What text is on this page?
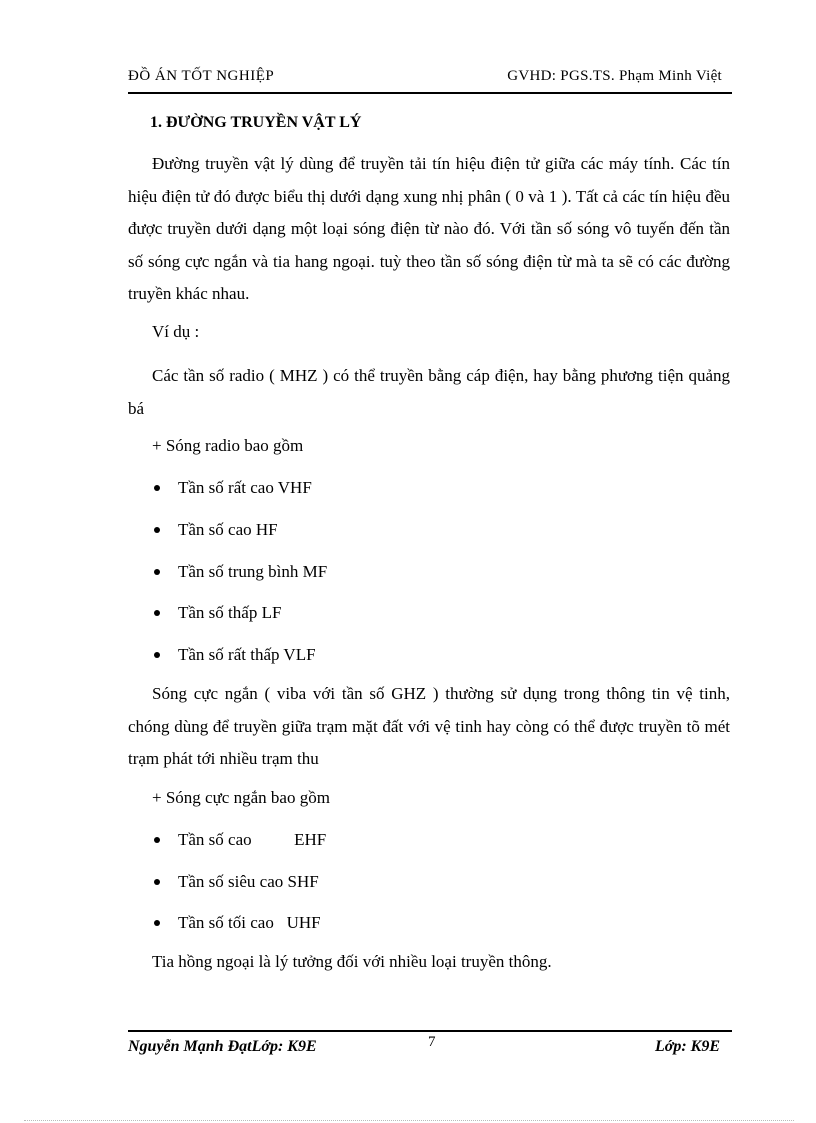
ĐỒ ÁN TỐT NGHIỆP	GVHD: PGS.TS. Phạm Minh Việt
1. ĐƯỜNG TRUYỀN VẬT LÝ
Đường truyền vật lý dùng để truyền tải tín hiệu điện tử giữa các máy tính. Các tín hiệu điện tử đó được biểu thị dưới dạng xung nhị phân ( 0 và 1 ). Tất cả các tín hiệu đều được truyền dưới dạng một loại sóng điện từ nào đó. Với tần số sóng vô tuyến đến tần số sóng cực ngắn và tia hang ngoại. tuỳ theo tần số sóng điện từ mà ta sẽ có các đường truyền khác nhau.
Ví dụ :
Các tần số radio ( MHZ ) có thể truyền bằng cáp điện, hay bằng phương tiện quảng bá
+ Sóng radio bao gồm
Tần số rất cao VHF
Tần số cao HF
Tần số trung bình MF
Tần số thấp LF
Tần số rất thấp VLF
Sóng cực ngắn ( viba với tần số GHZ ) thường sử dụng trong thông tin vệ tinh, chóng dùng để truyền giữa trạm mặt đất với vệ tinh hay còng có thể được truyền tõ mét trạm phát tới nhiều trạm thu
+ Sóng cực ngắn bao gồm
Tần số cao          EHF
Tần số siêu cao SHF
Tần số tối cao   UHF
Tia hồng ngoại là lý tưởng đối với nhiều loại truyền thông.
Nguyễn Mạnh ĐạtLớp: K9E	7	Lớp: K9E
